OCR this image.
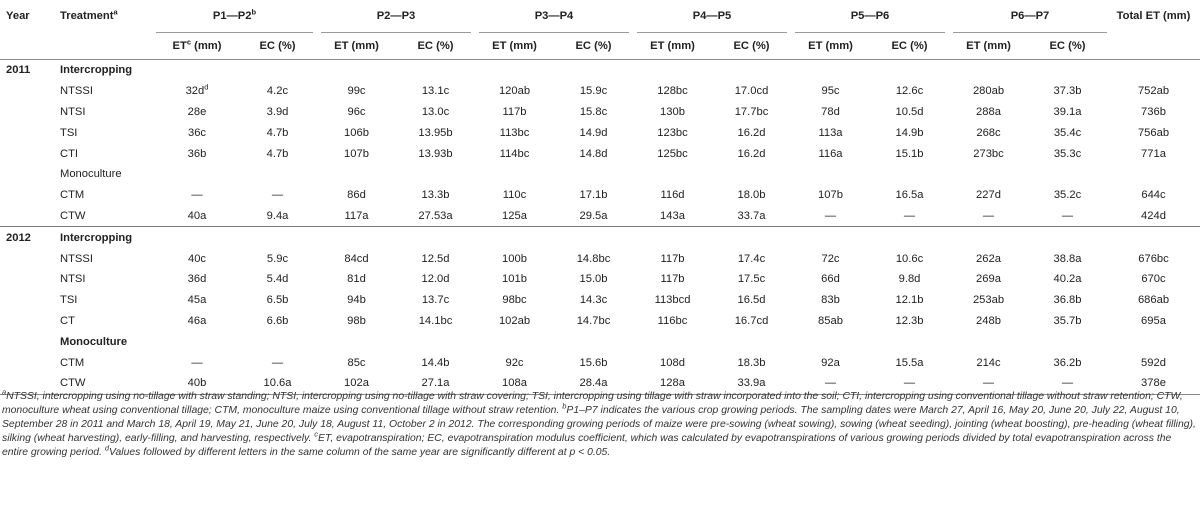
Year	Treatment$^a$	P1—P2$^b$		P2—P3		P3—P4		P4—P5		P5—P6		P6—P7		Total ET (mm)
		$ET^c$ (mm)	EC (%)	ET (mm)	EC (%)	ET (mm)	EC (%)	ET (mm)	EC (%)	ET (mm)	EC (%)	ET (mm)	EC (%)	
2011	Intercropping													
	NTSSI	$32d^d$	4.2c	99c	13.1c	120ab	15.9c	128bc	17.0cd	95c	12.6c	280ab	37.3b	752ab
	NTSI	28e	3.9d	96c	13.0c	117b	15.8c	130b	17.7bc	78d	10.5d	288a	39.1a	736b
	TSI	36c	4.7b	106b	13.95b	113bc	14.9d	123bc	16.2d	113a	14.9b	268c	35.4c	756ab
	CTI	36b	4.7b	107b	13.93b	114bc	14.8d	125bc	16.2d	116a	15.1b	273bc	35.3c	771a
	Monoculture													
	CTM	—	—	86d	13.3b	110c	17.1b	116d	18.0b	107b	16.5a	227d	35.2c	644c
	CTW	40a	9.4a	117a	27.53a	125a	29.5a	143a	33.7a	—	—	—	—	424d
2012	Intercropping													
	NTSSI	40c	5.9c	84cd	12.5d	100b	14.8bc	117b	17.4c	72c	10.6c	262a	38.8a	676bc
	NTSI	36d	5.4d	81d	12.0d	101b	15.0b	117b	17.5c	66d	9.8d	269a	40.2a	670c
	TSI	45a	6.5b	94b	13.7c	98bc	14.3c	113bcd	16.5d	83b	12.1b	253ab	36.8b	686ab
	CT	46a	6.6b	98b	14.1bc	102ab	14.7bc	116bc	16.7cd	85ab	12.3b	248b	35.7b	695a
	Monoculture													
	CTM	—	—	85c	14.4b	92c	15.6b	108d	18.3b	92a	15.5a	214c	36.2b	592d
	CTW	40b	10.6a	102a	27.1a	108a	28.4a	128a	33.9a	—	—	—	—	378e
$^a$NTSSI, intercropping using no-tillage with straw standing; NTSI, intercropping using no-tillage with straw covering; TSI, intercropping using tillage with straw incorporated into the soil; CTI, intercropping using conventional tillage without straw retention; CTW, monoculture wheat using conventional tillage; CTM, monoculture maize using conventional tillage without straw retention. $^b$P1–P7 indicates the various crop growing periods. The sampling dates were March 27, April 16, May 20, June 20, July 22, August 10, September 28 in 2011 and March 18, April 19, May 21, June 20, July 18, August 11, October 2 in 2012. The corresponding growing periods of maize were pre-sowing (wheat sowing), sowing (wheat seeding), jointing (wheat boosting), pre-heading (wheat filling), silking (wheat harvesting), early-filling, and harvesting, respectively. $^c$ET, evapotranspiration; EC, evapotranspiration modulus coefficient, which was calculated by evapotranspirations of various growing periods divided by total evapotranspiration across the entire growing period. $^d$Values followed by different letters in the same column of the same year are significantly different at p < 0.05.
